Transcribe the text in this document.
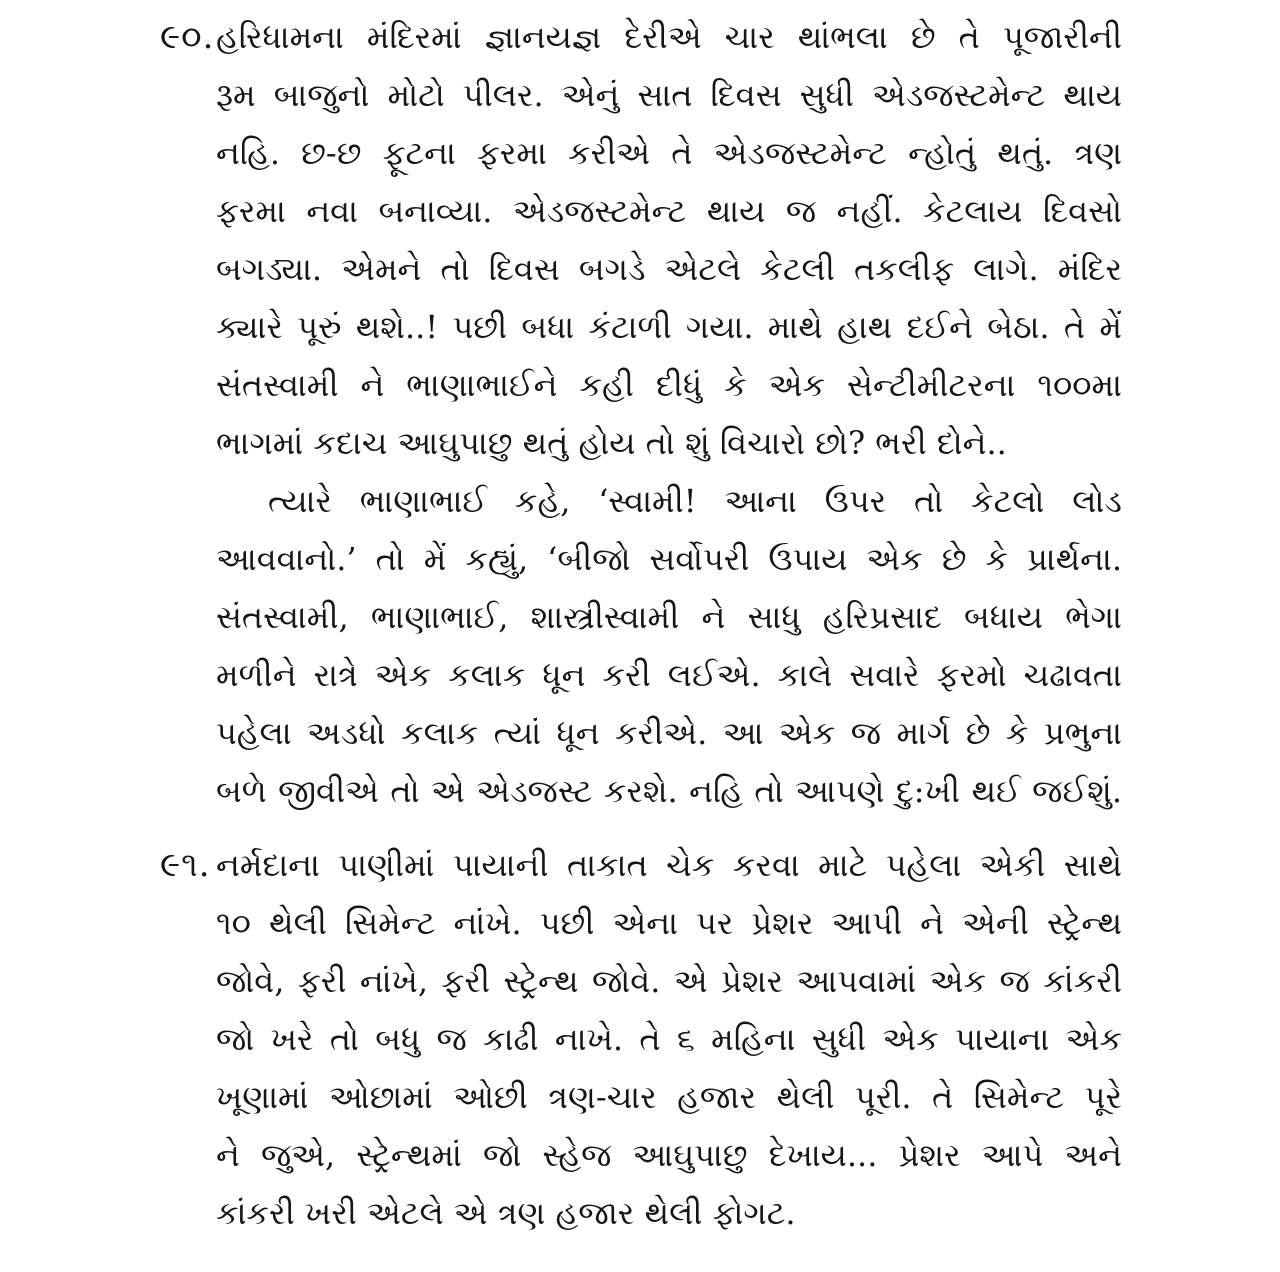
૯૦. હરિધામના મંદિરમાં જ્ઞાનયજ્ઞ દેરીએ ચાર થાંભલા છે તે પૂજારીની
રૂમ બાજુનો મોટો પીલર. એનું સાત દિવસ સુધી એડજસ્ટમેન્ટ થાય
નહિ. છ-છ ફૂટના ફરમા કરીએ તે એડજસ્ટમેન્ટ ન્હોતું થતું. ત્રણ
ફરમા નવા બનાવ્યા. એડજસ્ટમેન્ટ થાય જ નહીં. કેટલાય દિવસો
બગડ્યા. એમને તો દિવસ બગડે એટલે કેટલી તકલીફ લાગે. મંદિર
ક્યારે પૂરું થશે..! પછી બધા કંટાળી ગયા. માથે હાથ દઈને બેઠા. તે મેં
સંતસ્વામી ને ભાણાભાઈને કહી દીધું કે એક સેન્ટીમીટરના ૧૦૦મા
ભાગમાં કદાચ આઘુપાછુ થતું હોય તો શું વિચારો છો? ભરી દોને..
ત્યારે ભાણાભાઈ કહે, ‘સ્વામી! આના ઉપર તો કેટલો લોડ
આવવાનો.’ તો મેં કહ્યું, ‘બીજો સર્વોપરી ઉપાય એક છે કે પ્રાર્થના.
સંતસ્વામી, ભાણાભાઈ, શાસ્ત્રીસ્વામી ને સાધુ હરિપ્રસાદ બધાય ભેગા
મળીને રાત્રે એક કલાક ધૂન કરી લઈએ. કાલે સવારે ફરમો ચઢાવતા
પહેલા અડધો કલાક ત્યાં ધૂન કરીએ. આ એક જ માર્ગ છે કે પ્રભુના
બળે જીવીએ તો એ એડજસ્ટ કરશે. નહિ તો આપણે દુ:ખી થઈ જઈશું.
૯૧. નર્મદાના પાણીમાં પાયાની તાકાત ચેક કરવા માટે પહેલા એકી સાથે
૧૦ થેલી સિમેન્ટ નાંખે. પછી એના પર પ્રેશર આપી ને એની સ્ટ્રેન્થ
જોવે, ફરી નાંખે, ફરી સ્ટ્રેન્થ જોવે. એ પ્રેશર આપવામાં એક જ કાંકરી
જો ખરે તો બધુ જ કાઢી નાખે. તે ૬ મહિના સુધી એક પાયાના એક
ખૂણામાં ઓછામાં ઓછી ત્રણ-ચાર હજાર થેલી પૂરી. તે સિમેન્ટ પૂરે
ને જુએ, સ્ટ્રેન્થમાં જો સ્હેજ આઘુપાછુ દેખાય... પ્રેશર આપે અને
કાંકરી ખરી એટલે એ ત્રણ હજાર થેલી ફોગટ.
